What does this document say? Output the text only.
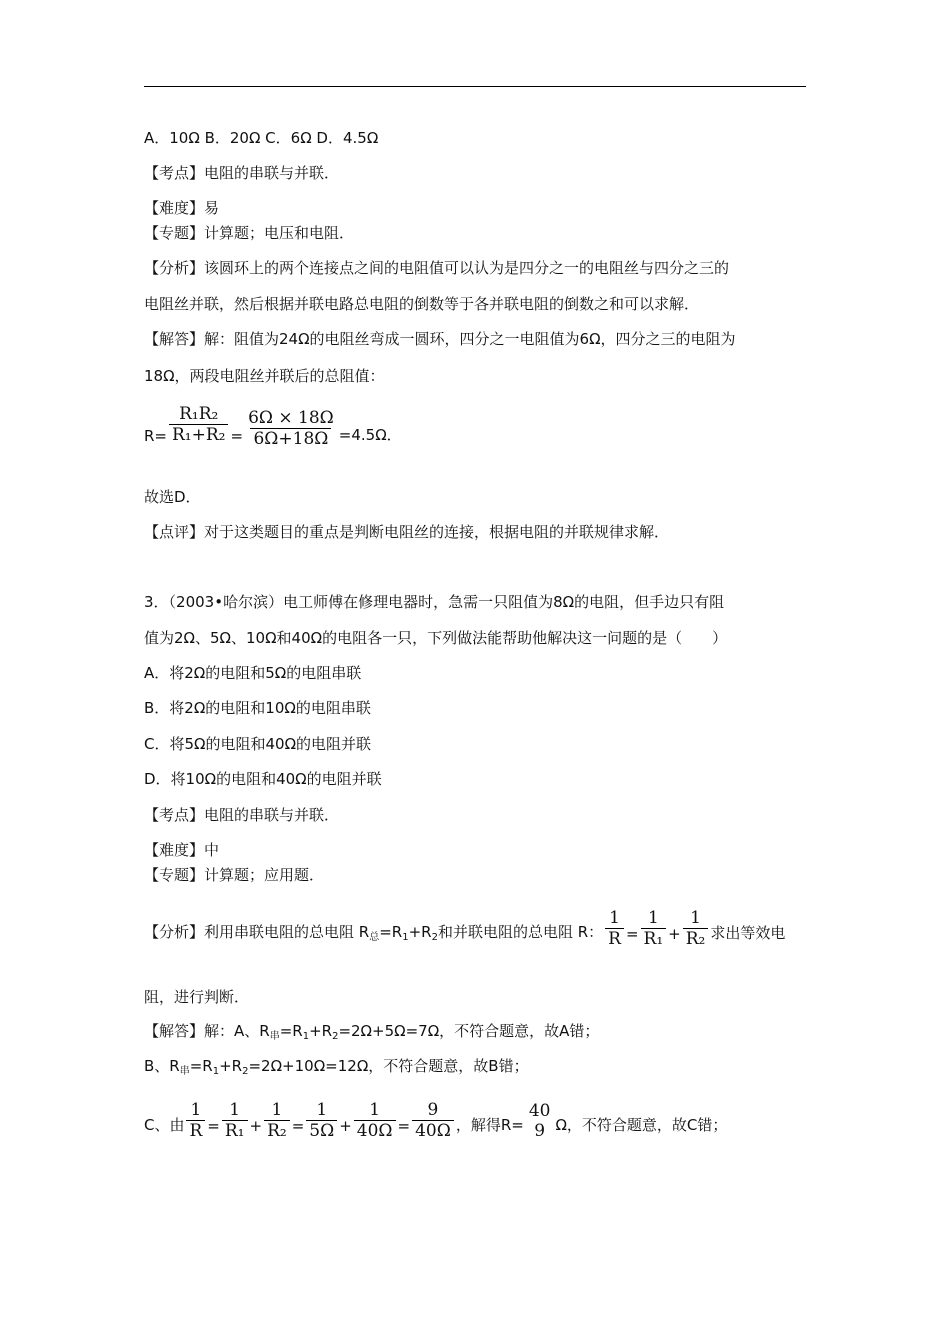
A．10Ω B．20Ω C．6Ω D．4.5Ω
【考点】电阻的串联与并联．
【难度】易
【专题】计算题；电压和电阻．
【分析】该圆环上的两个连接点之间的电阻值可以认为是四分之一的电阻丝与四分之三的
电阻丝并联，然后根据并联电路总电阻的倒数等于各并联电阻的倒数之和可以求解．
【解答】解：阻值为24Ω的电阻丝弯成一圆环，四分之一电阻值为6Ω，四分之三的电阻为
18Ω，两段电阻丝并联后的总阻值：
$R= \frac{\text{R₁R₂}}{\text{R₁+R₂}} = \frac{6\Omega \times 18\Omega}{6\Omega+18\Omega} =4.5\Omega$．
故选D．
【点评】对于这类题目的重点是判断电阻丝的连接，根据电阻的并联规律求解．
3．（2003•哈尔滨）电工师傅在修理电器时，急需一只阻值为8Ω的电阻，但手边只有阻
值为2Ω、5Ω、10Ω和40Ω的电阻各一只，下列做法能帮助他解决这一问题的是（　　）
A．将2Ω的电阻和5Ω的电阻串联
B．将2Ω的电阻和10Ω的电阻串联
C．将5Ω的电阻和40Ω的电阻并联
D．将10Ω的电阻和40Ω的电阻并联
【考点】电阻的串联与并联．
【难度】中
【专题】计算题；应用题．
【分析】利用串联电阻的总电阻 $R_总=R_1+R_2$和并联电阻的总电阻 R： $\frac{1}{R} = \frac{1}{\text{R₁}} + \frac{1}{\text{R₂}}$ 求出等效电
阻，进行判断．
【解答】解：A、$R_串=R_1+R_2=2\Omega+5\Omega=7\Omega$，不符合题意，故A错；
B、$R_串=R_1+R_2=2\Omega+10\Omega=12\Omega$，不符合题意，故B错；
C、由 $\frac{1}{R} = \frac{1}{\text{R₁}} + \frac{1}{\text{R₂}} = \frac{1}{5\Omega} + \frac{1}{40\Omega} = \frac{9}{40\Omega}$ ，解得R=
40
9 Ω，不符合题意，故C错；
